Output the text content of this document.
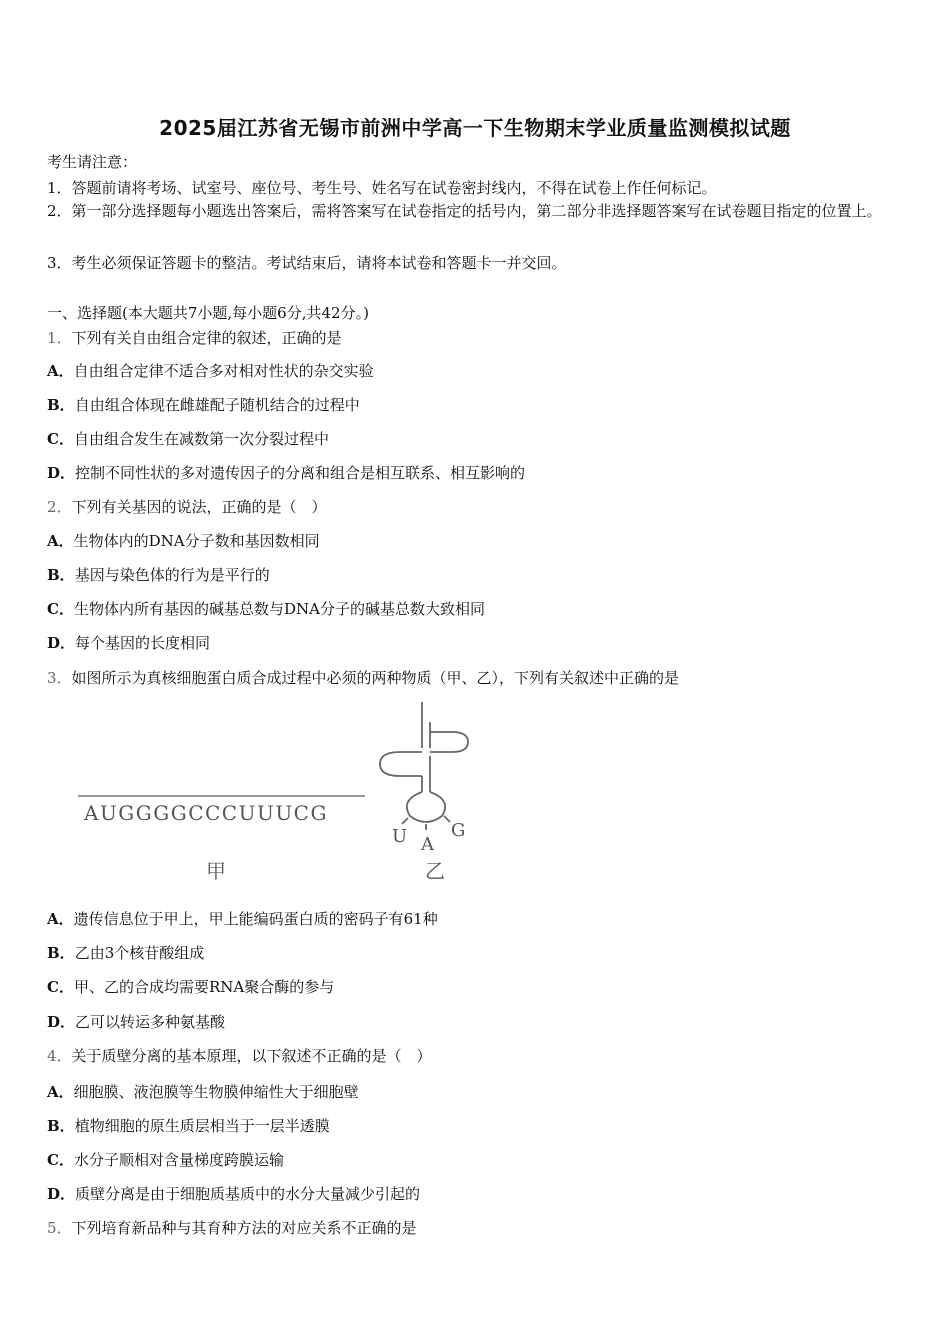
2025届江苏省无锡市前洲中学高一下生物期末学业质量监测模拟试题
考生请注意：
1．答题前请将考场、试室号、座位号、考生号、姓名写在试卷密封线内，不得在试卷上作任何标记。
2．第一部分选择题每小题选出答案后，需将答案写在试卷指定的括号内，第二部分非选择题答案写在试卷题目指定的位置上。
3．考生必须保证答题卡的整洁。考试结束后，请将本试卷和答题卡一并交回。
一、选择题(本大题共7小题,每小题6分,共42分。)
1．下列有关自由组合定律的叙述，正确的是
A．自由组合定律不适合多对相对性状的杂交实验
B．自由组合体现在雌雄配子随机结合的过程中
C．自由组合发生在减数第一次分裂过程中
D．控制不同性状的多对遗传因子的分离和组合是相互联系、相互影响的
2．下列有关基因的说法，正确的是（　）
A．生物体内的DNA分子数和基因数相同
B．基因与染色体的行为是平行的
C．生物体内所有基因的碱基总数与DNA分子的碱基总数大致相同
D．每个基因的长度相同
3．如图所示为真核细胞蛋白质合成过程中必须的两种物质（甲、乙），下列有关叙述中正确的是
AUGGGGCCCUUUCG
甲
U A
G
乙
A．遗传信息位于甲上，甲上能编码蛋白质的密码子有61种
B．乙由3个核苷酸组成
C．甲、乙的合成均需要RNA聚合酶的参与
D．乙可以转运多种氨基酸
4．关于质壁分离的基本原理，以下叙述不正确的是（　）
A．细胞膜、液泡膜等生物膜伸缩性大于细胞壁
B．植物细胞的原生质层相当于一层半透膜
C．水分子顺相对含量梯度跨膜运输
D．质壁分离是由于细胞质基质中的水分大量减少引起的
5．下列培育新品种与其育种方法的对应关系不正确的是
